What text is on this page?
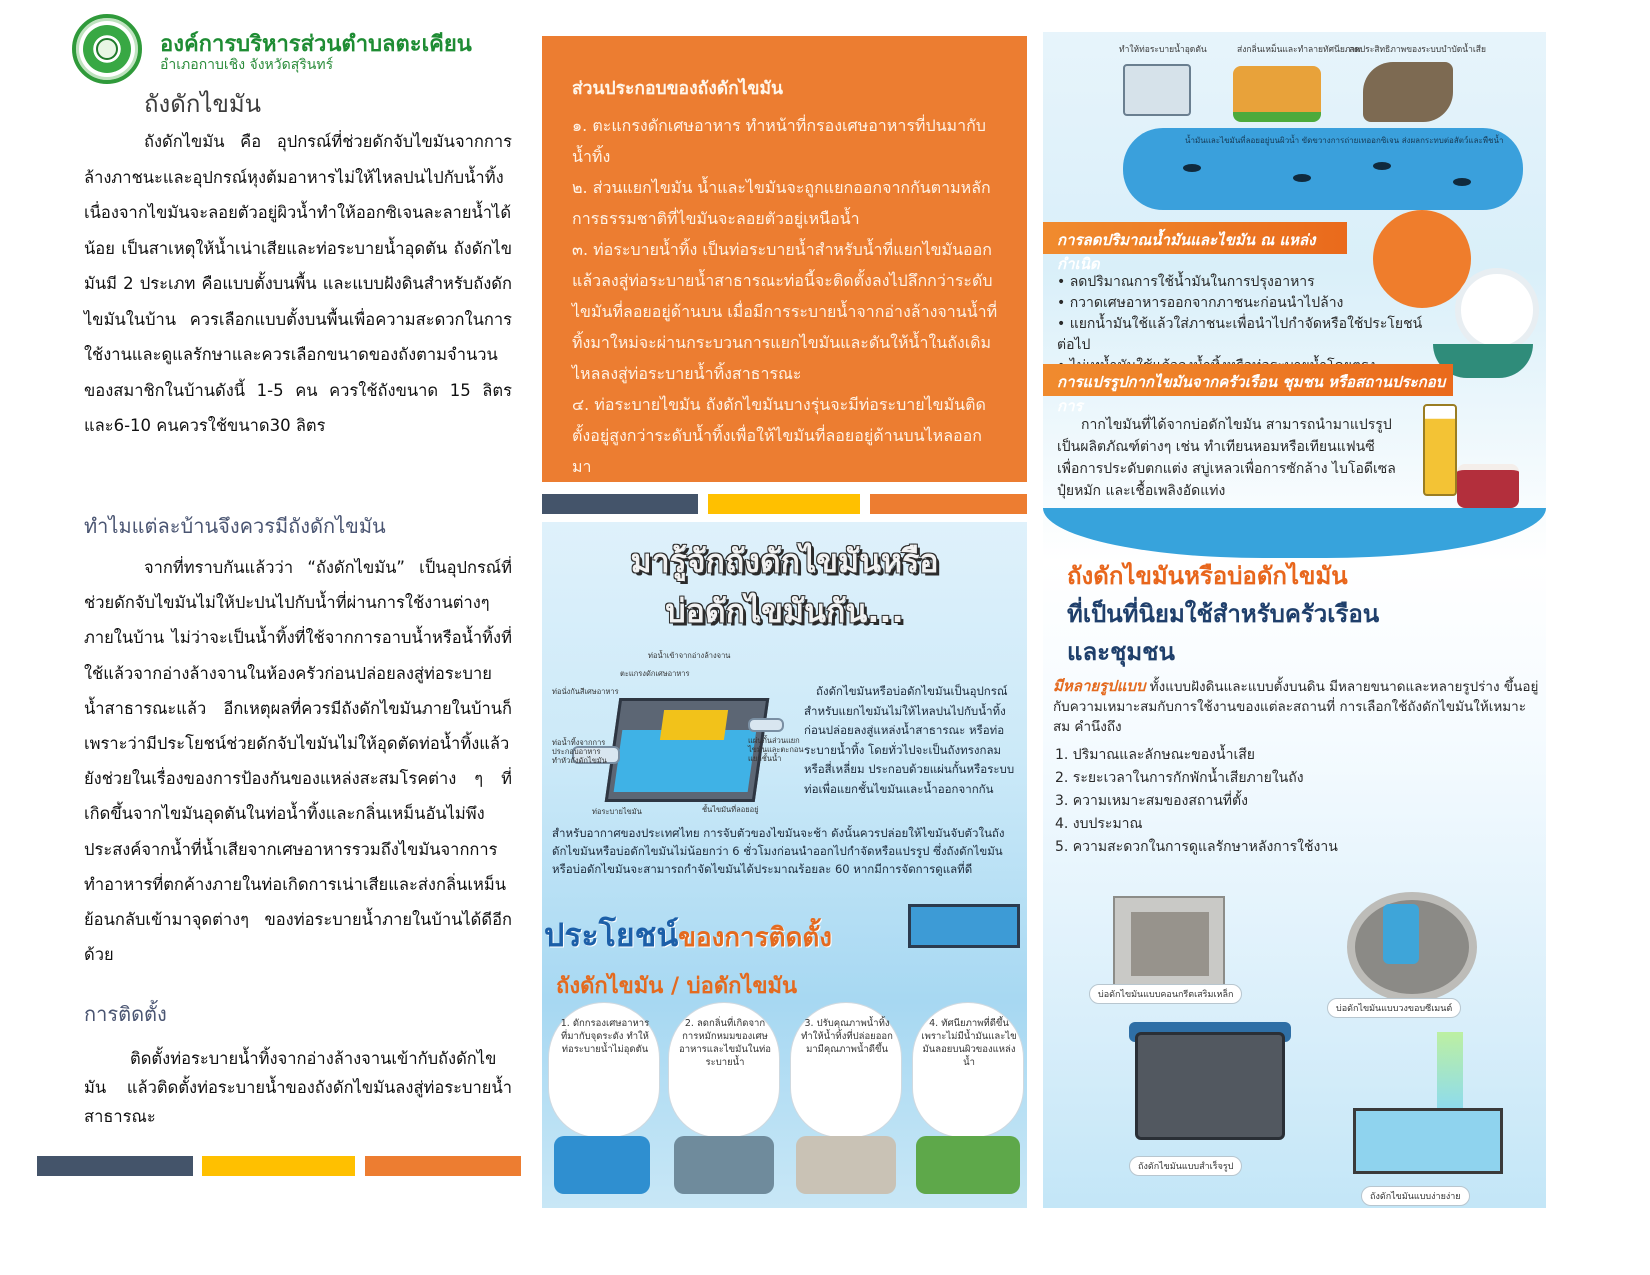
องค์การบริหารส่วนตำบลตะเคียน
อำเภอกาบเชิง จังหวัดสุรินทร์
ถังดักไขมัน
ถังดักไขมัน คือ อุปกรณ์ที่ช่วยดักจับไขมันจากการล้างภาชนะและอุปกรณ์หุงต้มอาหารไม่ให้ไหลปนไปกับน้ำทิ้ง เนื่องจากไขมันจะลอยตัวอยู่ผิวน้ำทำให้ออกซิเจนละลายน้ำได้น้อย เป็นสาเหตุให้น้ำเน่าเสียและท่อระบายน้ำอุดตัน ถังดักไขมันมี 2 ประเภท คือแบบตั้งบนพื้น และแบบฝังดินสำหรับถังดักไขมันในบ้าน ควรเลือกแบบตั้งบนพื้นเพื่อความสะดวกในการใช้งานและดูแลรักษาและควรเลือกขนาดของถังตามจำนวนของสมาชิกในบ้านดังนี้ 1-5 คน ควรใช้ถังขนาด 15 ลิตร และ6-10 คนควรใช้ขนาด30 ลิตร
ทำไมแต่ละบ้านจึงควรมีถังดักไขมัน
จากที่ทราบกันแล้วว่า “ถังดักไขมัน” เป็นอุปกรณ์ที่ช่วยดักจับไขมันไม่ให้ปะปนไปกับน้ำที่ผ่านการใช้งานต่างๆภายในบ้าน ไม่ว่าจะเป็นน้ำทิ้งที่ใช้จากการอาบน้ำหรือน้ำทิ้งที่ใช้แล้วจากอ่างล้างจานในห้องครัวก่อนปล่อยลงสู่ท่อระบายน้ำสาธารณะแล้ว อีกเหตุผลที่ควรมีถังดักไขมันภายในบ้านก็เพราะว่ามีประโยชน์ช่วยดักจับไขมันไม่ให้อุดตัดท่อน้ำทิ้งแล้วยังช่วยในเรื่องของการป้องกันของแหล่งสะสมโรคต่าง ๆ ที่เกิดขึ้นจากไขมันอุดตันในท่อน้ำทิ้งและกลิ่นเหม็นอันไม่พึงประสงค์จากน้ำที่น้ำเสียจากเศษอาหารรวมถึงไขมันจากการทำอาหารที่ตกค้างภายในท่อเกิดการเน่าเสียและส่งกลิ่นเหม็นย้อนกลับเข้ามาจุดต่างๆ ของท่อระบายน้ำภายในบ้านได้ดีอีกด้วย
การติดตั้ง
ติดตั้งท่อระบายน้ำทิ้งจากอ่างล้างจานเข้ากับถังดักไขมัน แล้วติดตั้งท่อระบายน้ำของถังดักไขมันลงสู่ท่อระบายน้ำสาธารณะ
ส่วนประกอบของถังดักไขมัน
๑. ตะแกรงดักเศษอาหาร ทำหน้าที่กรองเศษอาหารที่ปนมากับน้ำทิ้ง
๒. ส่วนแยกไขมัน น้ำและไขมันจะถูกแยกออกจากกันตามหลักการธรรมชาติที่ไขมันจะลอยตัวอยู่เหนือน้ำ
๓. ท่อระบายน้ำทิ้ง เป็นท่อระบายน้ำสำหรับน้ำที่แยกไขมันออกแล้วลงสู่ท่อระบายน้ำสาธารณะท่อนี้จะติดตั้งลงไปลึกกว่าระดับไขมันที่ลอยอยู่ด้านบน เมื่อมีการระบายน้ำจากอ่างล้างจานน้ำที่ทิ้งมาใหม่จะผ่านกระบวนการแยกไขมันและดันให้น้ำในถังเดิมไหลลงสู่ท่อระบายน้ำทิ้งสาธารณะ
๔. ท่อระบายไขมัน ถังดักไขมันบางรุ่นจะมีท่อระบายไขมันติดตั้งอยู่สูงกว่าระดับน้ำทิ้งเพื่อให้ไขมันที่ลอยอยู่ด้านบนไหลออกมา
มารู้จักถังดักไขมันหรือ
บ่อดักไขมันกัน...
ท่อน้ำเข้าจากอ่างล้างจาน
ตะแกรงดักเศษอาหาร
ท่อนั่งกันสีเศษอาหาร
ท่อน้ำทิ้งจากการประกอบอาหาร ทำหัวถังดักไขมัน
แผ่นกั้นส่วนแยกไขมันและตะกอนแยกชั้นน้ำ
ชั้นไขมันที่ลอยอยู่
ท่อระบายไขมัน
ถังดักไขมันหรือบ่อดักไขมันเป็นอุปกรณ์สำหรับแยกไขมันไม่ให้ไหลปนไปกับน้ำทิ้ง ก่อนปล่อยลงสู่แหล่งน้ำสาธารณะ หรือท่อระบายน้ำทิ้ง โดยทั่วไปจะเป็นถังทรงกลมหรือสี่เหลี่ยม ประกอบด้วยแผ่นกั้นหรือระบบท่อเพื่อแยกชั้นไขมันและน้ำออกจากกัน
สำหรับอากาศของประเทศไทย การจับตัวของไขมันจะช้า ดังนั้นควรปล่อยให้ไขมันจับตัวในถังดักไขมันหรือบ่อดักไขมันไม่น้อยกว่า 6 ชั่วโมงก่อนนำออกไปกำจัดหรือแปรรูป ซึ่งถังดักไขมันหรือบ่อดักไขมันจะสามารถกำจัดไขมันได้ประมาณร้อยละ 60 หากมีการจัดการดูแลที่ดี
ประโยชน์ของการติดตั้ง
ถังดักไขมัน / บ่อดักไขมัน
1. ดักกรองเศษอาหารที่มากับจุดระดัง ทำให้ท่อระบายน้ำไม่อุดตัน
2. ลดกลิ่นที่เกิดจากการหมักหมมของเศษอาหารและไขมันในท่อระบายน้ำ
3. ปรับคุณภาพน้ำทิ้ง ทำให้น้ำทิ้งที่ปล่อยออกมามีคุณภาพน้ำดีขึ้น
4. ทัศนียภาพที่ดีขึ้น เพราะไม่มีน้ำมันและไขมันลอยบนผิวของแหล่งน้ำ
ทำให้ท่อระบายน้ำอุดตัน	ส่งกลิ่นเหม็นและทำลายทัศนียภาพ
ลดประสิทธิภาพของระบบบำบัดน้ำเสีย
น้ำมันและไขมันที่ลอยอยู่บนผิวน้ำ ขัดขวางการถ่ายเทออกซิเจน ส่งผลกระทบต่อสัตว์และพืชน้ำ
การลดปริมาณน้ำมันและไขมัน ณ แหล่งกำเนิด
• ลดปริมาณการใช้น้ำมันในการปรุงอาหาร
• กวาดเศษอาหารออกจากภาชนะก่อนนำไปล้าง
• แยกน้ำมันใช้แล้วใส่ภาชนะเพื่อนำไปกำจัดหรือใช้ประโยชน์ต่อไป
การแปรรูปกากไขมันจากครัวเรือน ชุมชน หรือสถานประกอบการ
กากไขมันที่ได้จากบ่อดักไขมัน สามารถนำมาแปรรูปเป็นผลิตภัณฑ์ต่างๆ เช่น ทำเทียนหอมหรือเทียนแฟนซีเพื่อการประดับตกแต่ง สบู่เหลวเพื่อการซักล้าง ไบโอดีเซล ปุ๋ยหมัก และเชื้อเพลิงอัดแท่ง
ถังดักไขมันหรือบ่อดักไขมัน
ที่เป็นที่นิยมใช้สำหรับครัวเรือน
และชุมชน
มีหลายรูปแบบ ทั้งแบบฝังดินและแบบตั้งบนดิน มีหลายขนาดและหลายรูปร่าง ขึ้นอยู่กับความเหมาะสมกับการใช้งานของแต่ละสถานที่ การเลือกใช้ถังดักไขมันให้เหมาะสม คำนึงถึง
1. ปริมาณและลักษณะของน้ำเสีย
2. ระยะเวลาในการกักพักน้ำเสียภายในถัง
3. ความเหมาะสมของสถานที่ตั้ง
4. งบประมาณ
5. ความสะดวกในการดูแลรักษาหลังการใช้งาน
บ่อดักไขมันแบบคอนกรีตเสริมเหล็ก
บ่อดักไขมันแบบวงขอบซีเมนต์
ถังดักไขมันแบบสำเร็จรูป
ถังดักไขมันแบบง่ายง่าย
